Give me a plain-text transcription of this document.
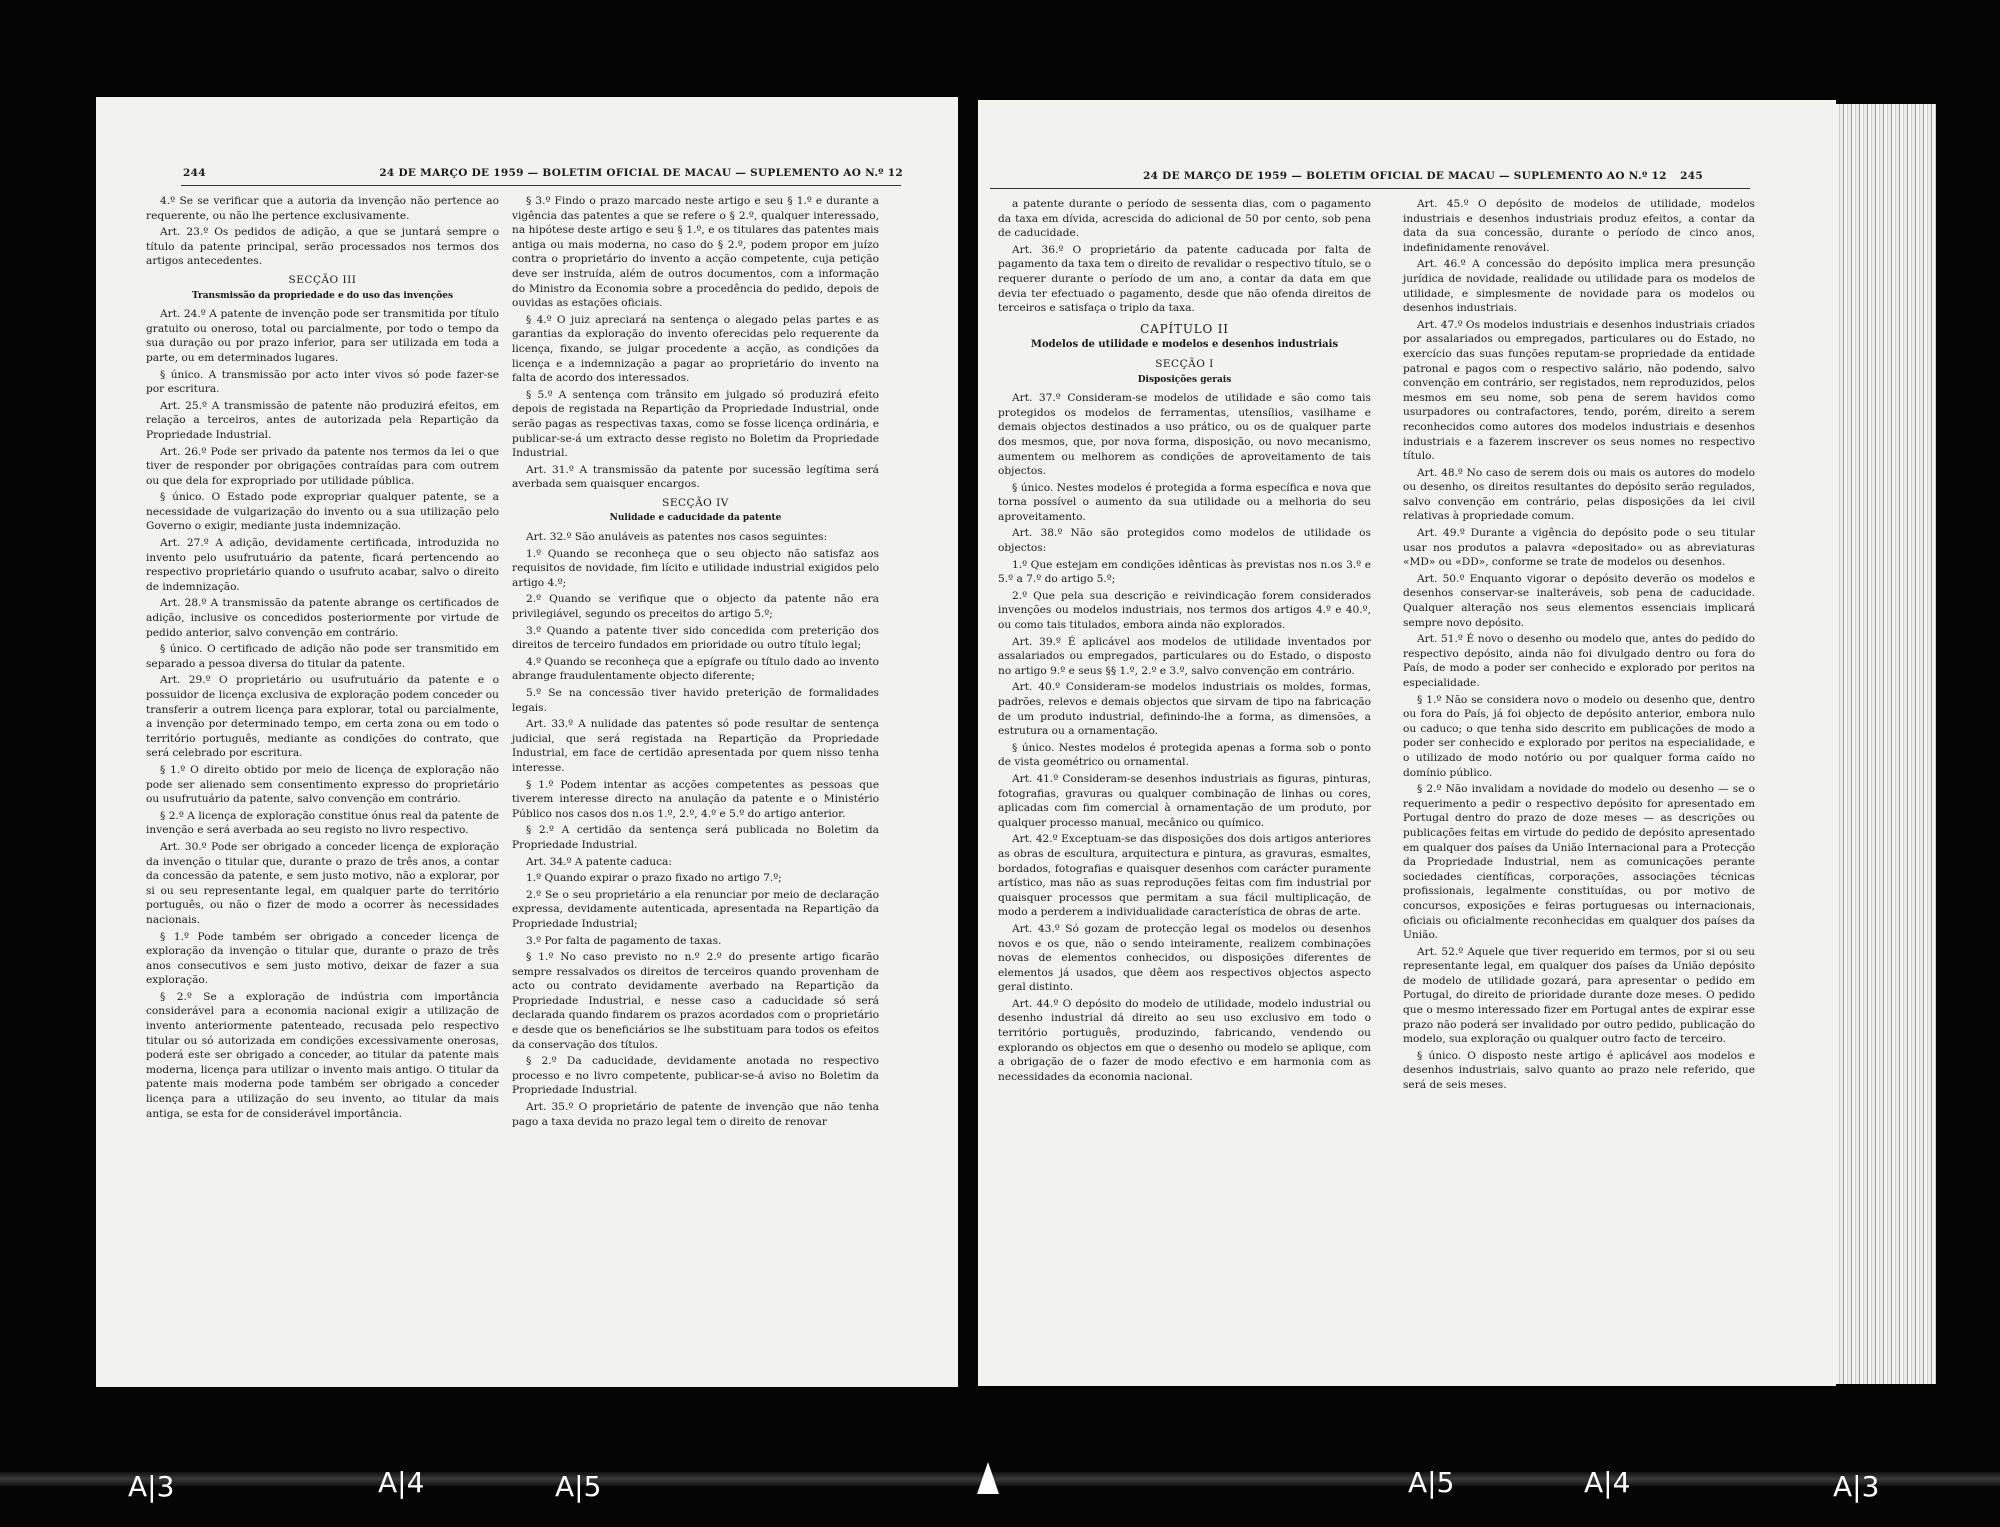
244	24 DE MARÇO DE 1959 — BOLETIM OFICIAL DE MACAU — SUPLEMENTO AO N.º 12

4.º Se se verificar que a autoria da invenção não pertence ao requerente, ou não lhe pertence exclusivamente.

Art. 23.º Os pedidos de adição, a que se juntará sempre o título da patente principal, serão processados nos termos dos artigos antecedentes.

SECÇÃO III

Transmissão da propriedade e do uso das invenções

Art. 24.º A patente de invenção pode ser transmitida por título gratuito ou oneroso, total ou parcialmente, por todo o tempo da sua duração ou por prazo inferior, para ser utilizada em toda a parte, ou em determinados lugares.

§ único. A transmissão por acto inter vivos só pode fazer-se por escritura.

Art. 25.º A transmissão de patente não produzirá efeitos, em relação a terceiros, antes de autorizada pela Repartição da Propriedade Industrial.

Art. 26.º Pode ser privado da patente nos termos da lei o que tiver de responder por obrigações contraídas para com outrem ou que dela for expropriado por utilidade pública.

§ único. O Estado pode expropriar qualquer patente, se a necessidade de vulgarização do invento ou a sua utilização pelo Governo o exigir, mediante justa indemnização.

Art. 27.º A adição, devidamente certificada, introduzida no invento pelo usufrutuário da patente, ficará pertencendo ao respectivo proprietário quando o usufruto acabar, salvo o direito de indemnização.

Art. 28.º A transmissão da patente abrange os certificados de adição, inclusive os concedidos posteriormente por virtude de pedido anterior, salvo convenção em contrário.

§ único. O certificado de adição não pode ser transmitido em separado a pessoa diversa do titular da patente.

Art. 29.º O proprietário ou usufrutuário da patente e o possuidor de licença exclusiva de exploração podem conceder ou transferir a outrem licença para explorar, total ou parcialmente, a invenção por determinado tempo, em certa zona ou em todo o território português, mediante as condições do contrato, que será celebrado por escritura.

§ 1.º O direito obtido por meio de licença de exploração não pode ser alienado sem consentimento expresso do proprietário ou usufrutuário da patente, salvo convenção em contrário.

§ 2.º A licença de exploração constitue ónus real da patente de invenção e será averbada ao seu registo no livro respectivo.

Art. 30.º Pode ser obrigado a conceder licença de exploração da invenção o titular que, durante o prazo de três anos, a contar da concessão da patente, e sem justo motivo, não a explorar, por si ou seu representante legal, em qualquer parte do território português, ou não o fizer de modo a ocorrer às necessidades nacionais.

§ 1.º Pode também ser obrigado a conceder licença de exploração da invenção o titular que, durante o prazo de três anos consecutivos e sem justo motivo, deixar de fazer a sua exploração.

§ 2.º Se a exploração de indústria com importância considerável para a economia nacional exigir a utilização de invento anteriormente patenteado, recusada pelo respectivo titular ou só autorizada em condições excessivamente onerosas, poderá este ser obrigado a conceder, ao titular da patente mais moderna, licença para utilizar o invento mais antigo. O titular da patente mais moderna pode também ser obrigado a conceder licença para a utilização do seu invento, ao titular da mais antiga, se esta for de considerável importância.

§ 3.º Findo o prazo marcado neste artigo e seu § 1.º e durante a vigência das patentes a que se refere o § 2.º, qualquer interessado, na hipótese deste artigo e seu § 1.º, e os titulares das patentes mais antiga ou mais moderna, no caso do § 2.º, podem propor em juízo contra o proprietário do invento a acção competente, cuja petição deve ser instruída, além de outros documentos, com a informação do Ministro da Economia sobre a procedência do pedido, depois de ouvidas as estações oficiais.

§ 4.º O juiz apreciará na sentença o alegado pelas partes e as garantias da exploração do invento oferecidas pelo requerente da licença, fixando, se julgar procedente a acção, as condições da licença e a indemnização a pagar ao proprietário do invento na falta de acordo dos interessados.

§ 5.º A sentença com trânsito em julgado só produzirá efeito depois de registada na Repartição da Propriedade Industrial, onde serão pagas as respectivas taxas, como se fosse licença ordinária, e publicar-se-á um extracto desse registo no Boletim da Propriedade Industrial.

Art. 31.º A transmissão da patente por sucessão legítima será averbada sem quaisquer encargos.

SECÇÃO IV

Nulidade e caducidade da patente

Art. 32.º São anuláveis as patentes nos casos seguintes:

1.º Quando se reconheça que o seu objecto não satisfaz aos requisitos de novidade, fim lícito e utilidade industrial exigidos pelo artigo 4.º;

2.º Quando se verifique que o objecto da patente não era privilegiável, segundo os preceitos do artigo 5.º;

3.º Quando a patente tiver sido concedida com preterição dos direitos de terceiro fundados em prioridade ou outro título legal;

4.º Quando se reconheça que a epígrafe ou título dado ao invento abrange fraudulentamente objecto diferente;

5.º Se na concessão tiver havido preterição de formalidades legais.

Art. 33.º A nulidade das patentes só pode resultar de sentença judicial, que será registada na Repartição da Propriedade Industrial, em face de certidão apresentada por quem nisso tenha interesse.

§ 1.º Podem intentar as acções competentes as pessoas que tiverem interesse directo na anulação da patente e o Ministério Público nos casos dos n.os 1.º, 2.º, 4.º e 5.º do artigo anterior.

§ 2.º A certidão da sentença será publicada no Boletim da Propriedade Industrial.

Art. 34.º A patente caduca:

1.º Quando expirar o prazo fixado no artigo 7.º;

2.º Se o seu proprietário a ela renunciar por meio de declaração expressa, devidamente autenticada, apresentada na Repartição da Propriedade Industrial;

3.º Por falta de pagamento de taxas.

§ 1.º No caso previsto no n.º 2.º do presente artigo ficarão sempre ressalvados os direitos de terceiros quando provenham de acto ou contrato devidamente averbado na Repartição da Propriedade Industrial, e nesse caso a caducidade só será declarada quando findarem os prazos acordados com o proprietário e desde que os beneficiários se lhe substituam para todos os efeitos da conservação dos títulos.

§ 2.º Da caducidade, devidamente anotada no respectivo processo e no livro competente, publicar-se-á aviso no Boletim da Propriedade Industrial.

Art. 35.º O proprietário de patente de invenção que não tenha pago a taxa devida no prazo legal tem o direito de renovar

24 DE MARÇO DE 1959 — BOLETIM OFICIAL DE MACAU — SUPLEMENTO AO N.º 12 245

a patente durante o período de sessenta dias, com o pagamento da taxa em dívida, acrescida do adicional de 50 por cento, sob pena de caducidade.

Art. 36.º O proprietário da patente caducada por falta de pagamento da taxa tem o direito de revalidar o respectivo título, se o requerer durante o período de um ano, a contar da data em que devia ter efectuado o pagamento, desde que não ofenda direitos de terceiros e satisfaça o triplo da taxa.

CAPÍTULO II

Modelos de utilidade e modelos e desenhos industriais

SECÇÃO I

Disposições gerais

Art. 37.º Consideram-se modelos de utilidade e são como tais protegidos os modelos de ferramentas, utensílios, vasilhame e demais objectos destinados a uso prático, ou os de qualquer parte dos mesmos, que, por nova forma, disposição, ou novo mecanismo, aumentem ou melhorem as condições de aproveitamento de tais objectos.

§ único. Nestes modelos é protegida a forma específica e nova que torna possível o aumento da sua utilidade ou a melhoria do seu aproveitamento.

Art. 38.º Não são protegidos como modelos de utilidade os objectos:

1.º Que estejam em condições idênticas às previstas nos n.os 3.º e 5.º a 7.º do artigo 5.º;

2.º Que pela sua descrição e reivindicação forem considerados invenções ou modelos industriais, nos termos dos artigos 4.º e 40.º, ou como tais titulados, embora ainda não explorados.

Art. 39.º É aplicável aos modelos de utilidade inventados por assalariados ou empregados, particulares ou do Estado, o disposto no artigo 9.º e seus §§ 1.º, 2.º e 3.º, salvo convenção em contrário.

Art. 40.º Consideram-se modelos industriais os moldes, formas, padrões, relevos e demais objectos que sirvam de tipo na fabricação de um produto industrial, definindo-lhe a forma, as dimensões, a estrutura ou a ornamentação.

§ único. Nestes modelos é protegida apenas a forma sob o ponto de vista geométrico ou ornamental.

Art. 41.º Consideram-se desenhos industriais as figuras, pinturas, fotografias, gravuras ou qualquer combinação de linhas ou cores, aplicadas com fim comercial à ornamentação de um produto, por qualquer processo manual, mecânico ou químico.

Art. 42.º Exceptuam-se das disposições dos dois artigos anteriores as obras de escultura, arquitectura e pintura, as gravuras, esmaltes, bordados, fotografias e quaisquer desenhos com carácter puramente artístico, mas não as suas reproduções feitas com fim industrial por quaisquer processos que permitam a sua fácil multiplicação, de modo a perderem a individualidade característica de obras de arte.

Art. 43.º Só gozam de protecção legal os modelos ou desenhos novos e os que, não o sendo inteiramente, realizem combinações novas de elementos conhecidos, ou disposições diferentes de elementos já usados, que dêem aos respectivos objectos aspecto geral distinto.

Art. 44.º O depósito do modelo de utilidade, modelo industrial ou desenho industrial dá direito ao seu uso exclusivo em todo o território português, produzindo, fabricando, vendendo ou explorando os objectos em que o desenho ou modelo se aplique, com a obrigação de o fazer de modo efectivo e em harmonia com as necessidades da economia nacional.

Art. 45.º O depósito de modelos de utilidade, modelos industriais e desenhos industriais produz efeitos, a contar da data da sua concessão, durante o período de cinco anos, indefinidamente renovável.

Art. 46.º A concessão do depósito implica mera presunção jurídica de novidade, realidade ou utilidade para os modelos de utilidade, e simplesmente de novidade para os modelos ou desenhos industriais.

Art. 47.º Os modelos industriais e desenhos industriais criados por assalariados ou empregados, particulares ou do Estado, no exercício das suas funções reputam-se propriedade da entidade patronal e pagos com o respectivo salário, não podendo, salvo convenção em contrário, ser registados, nem reproduzidos, pelos mesmos em seu nome, sob pena de serem havidos como usurpadores ou contrafactores, tendo, porém, direito a serem reconhecidos como autores dos modelos industriais e desenhos industriais e a fazerem inscrever os seus nomes no respectivo título.

Art. 48.º No caso de serem dois ou mais os autores do modelo ou desenho, os direitos resultantes do depósito serão regulados, salvo convenção em contrário, pelas disposições da lei civil relativas à propriedade comum.

Art. 49.º Durante a vigência do depósito pode o seu titular usar nos produtos a palavra «depositado» ou as abreviaturas «MD» ou «DD», conforme se trate de modelos ou desenhos.

Art. 50.º Enquanto vigorar o depósito deverão os modelos e desenhos conservar-se inalteráveis, sob pena de caducidade. Qualquer alteração nos seus elementos essenciais implicará sempre novo depósito.

Art. 51.º É novo o desenho ou modelo que, antes do pedido do respectivo depósito, ainda não foi divulgado dentro ou fora do País, de modo a poder ser conhecido e explorado por peritos na especialidade.

§ 1.º Não se considera novo o modelo ou desenho que, dentro ou fora do País, já foi objecto de depósito anterior, embora nulo ou caduco; o que tenha sido descrito em publicações de modo a poder ser conhecido e explorado por peritos na especialidade, e o utilizado de modo notório ou por qualquer forma caído no domínio público.

§ 2.º Não invalidam a novidade do modelo ou desenho — se o requerimento a pedir o respectivo depósito for apresentado em Portugal dentro do prazo de doze meses — as descrições ou publicações feitas em virtude do pedido de depósito apresentado em qualquer dos países da União Internacional para a Protecção da Propriedade Industrial, nem as comunicações perante sociedades científicas, corporações, associações técnicas profissionais, legalmente constituídas, ou por motivo de concursos, exposições e feiras portuguesas ou internacionais, oficiais ou oficialmente reconhecidas em qualquer dos países da União.

Art. 52.º Aquele que tiver requerido em termos, por si ou seu representante legal, em qualquer dos países da União depósito de modelo de utilidade gozará, para apresentar o pedido em Portugal, do direito de prioridade durante doze meses. O pedido que o mesmo interessado fizer em Portugal antes de expirar esse prazo não poderá ser invalidado por outro pedido, publicação do modelo, sua exploração ou qualquer outro facto de terceiro.

§ único. O disposto neste artigo é aplicável aos modelos e desenhos industriais, salvo quanto ao prazo nele referido, que será de seis meses.

A|3	A|4	A|5	A|5	A|4	A|3
